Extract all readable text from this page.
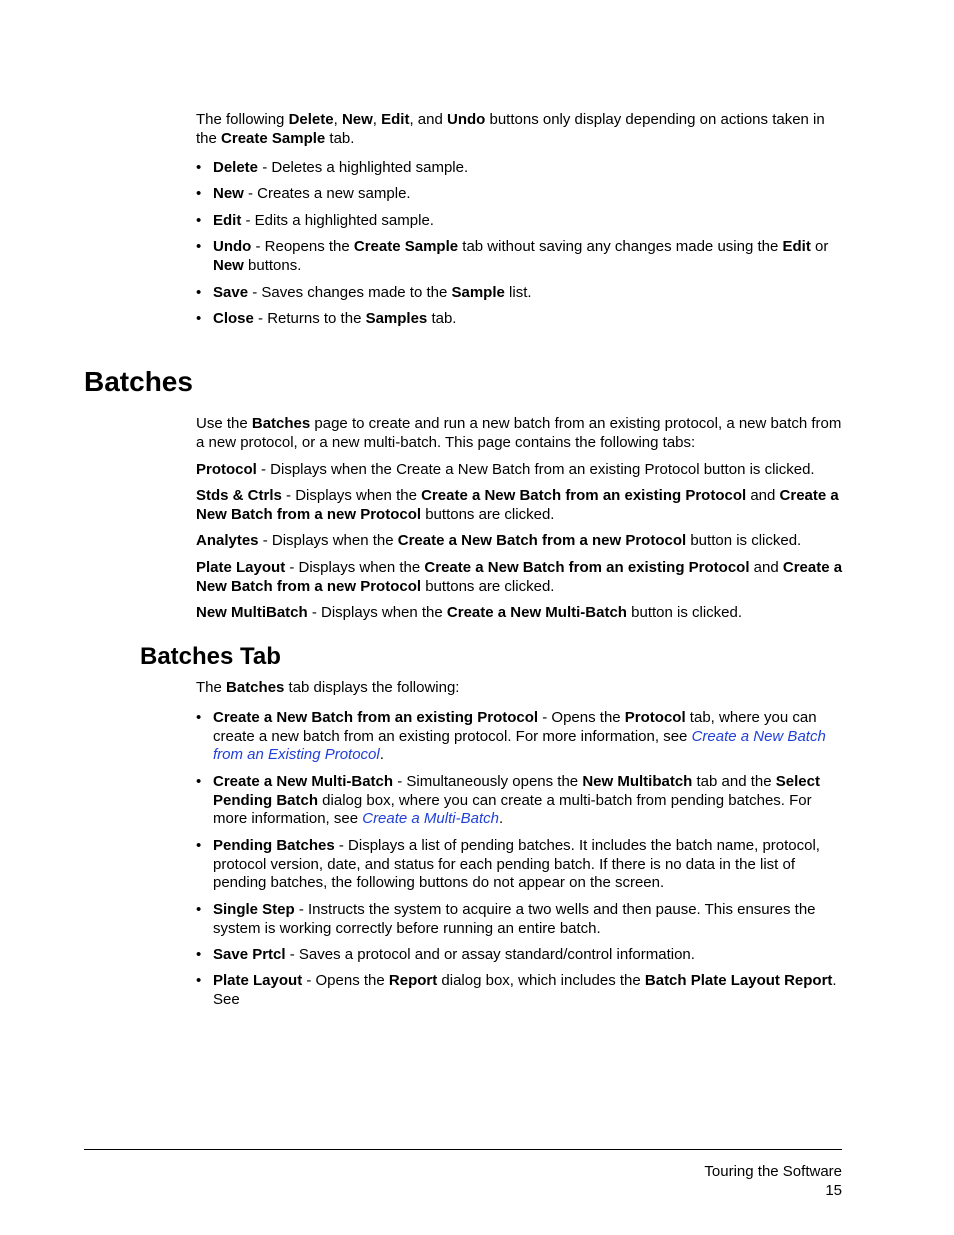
The following Delete, New, Edit, and Undo buttons only display depending on actions taken in the Create Sample tab.

• Delete - Deletes a highlighted sample.
• New - Creates a new sample.
• Edit - Edits a highlighted sample.
• Undo - Reopens the Create Sample tab without saving any changes made using the Edit or New buttons.
• Save - Saves changes made to the Sample list.
• Close - Returns to the Samples tab.
Batches

Use the Batches page to create and run a new batch from an existing protocol, a new batch from a new protocol, or a new multi-batch. This page contains the following tabs:

Protocol - Displays when the Create a New Batch from an existing Protocol button is clicked.

Stds & Ctrls - Displays when the Create a New Batch from an existing Protocol and Create a New Batch from a new Protocol buttons are clicked.

Analytes - Displays when the Create a New Batch from a new Protocol button is clicked.

Plate Layout - Displays when the Create a New Batch from an existing Protocol and Create a New Batch from a new Protocol buttons are clicked.

New MultiBatch - Displays when the Create a New Multi-Batch button is clicked.

Batches Tab

The Batches tab displays the following:

• Create a New Batch from an existing Protocol - Opens the Protocol tab, where you can create a new batch from an existing protocol. For more information, see Create a New Batch from an Existing Protocol.
• Create a New Multi-Batch - Simultaneously opens the New Multibatch tab and the Select Pending Batch dialog box, where you can create a multi-batch from pending batches. For more information, see Create a Multi-Batch.
• Pending Batches - Displays a list of pending batches. It includes the batch name, protocol, protocol version, date, and status for each pending batch. If there is no data in the list of pending batches, the following buttons do not appear on the screen.
• Single Step - Instructs the system to acquire a two wells and then pause. This ensures the system is working correctly before running an entire batch.
• Save Prtcl - Saves a protocol and or assay standard/control information.
• Plate Layout - Opens the Report dialog box, which includes the Batch Plate Layout Report. See
Touring the Software
15
